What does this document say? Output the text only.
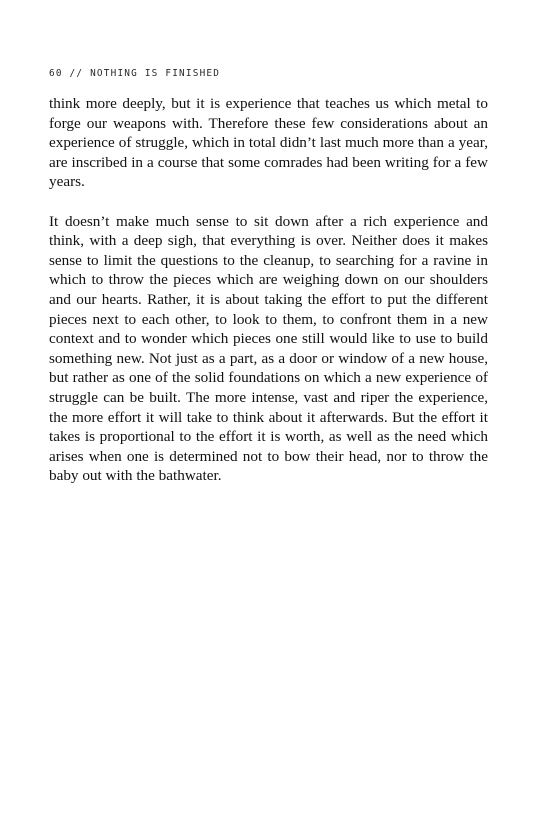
60 // NOTHING IS FINISHED

think more deeply, but it is experience that teaches us which metal to forge our weapons with. Therefore these few considerations about an experience of struggle, which in total didn’t last much more than a year, are inscribed in a course that some comrades had been writing for a few years.

It doesn’t make much sense to sit down after a rich experience and think, with a deep sigh, that everything is over. Neither does it makes sense to limit the questions to the cleanup, to searching for a ravine in which to throw the pieces which are weighing down on our shoulders and our hearts. Rather, it is about taking the effort to put the different pieces next to each other, to look to them, to confront them in a new context and to wonder which pieces one still would like to use to build something new. Not just as a part, as a door or window of a new house, but rather as one of the solid foundations on which a new experience of struggle can be built. The more intense, vast and riper the experience, the more effort it will take to think about it afterwards. But the effort it takes is proportional to the effort it is worth, as well as the need which arises when one is determined not to bow their head, nor to throw the baby out with the bathwater.
